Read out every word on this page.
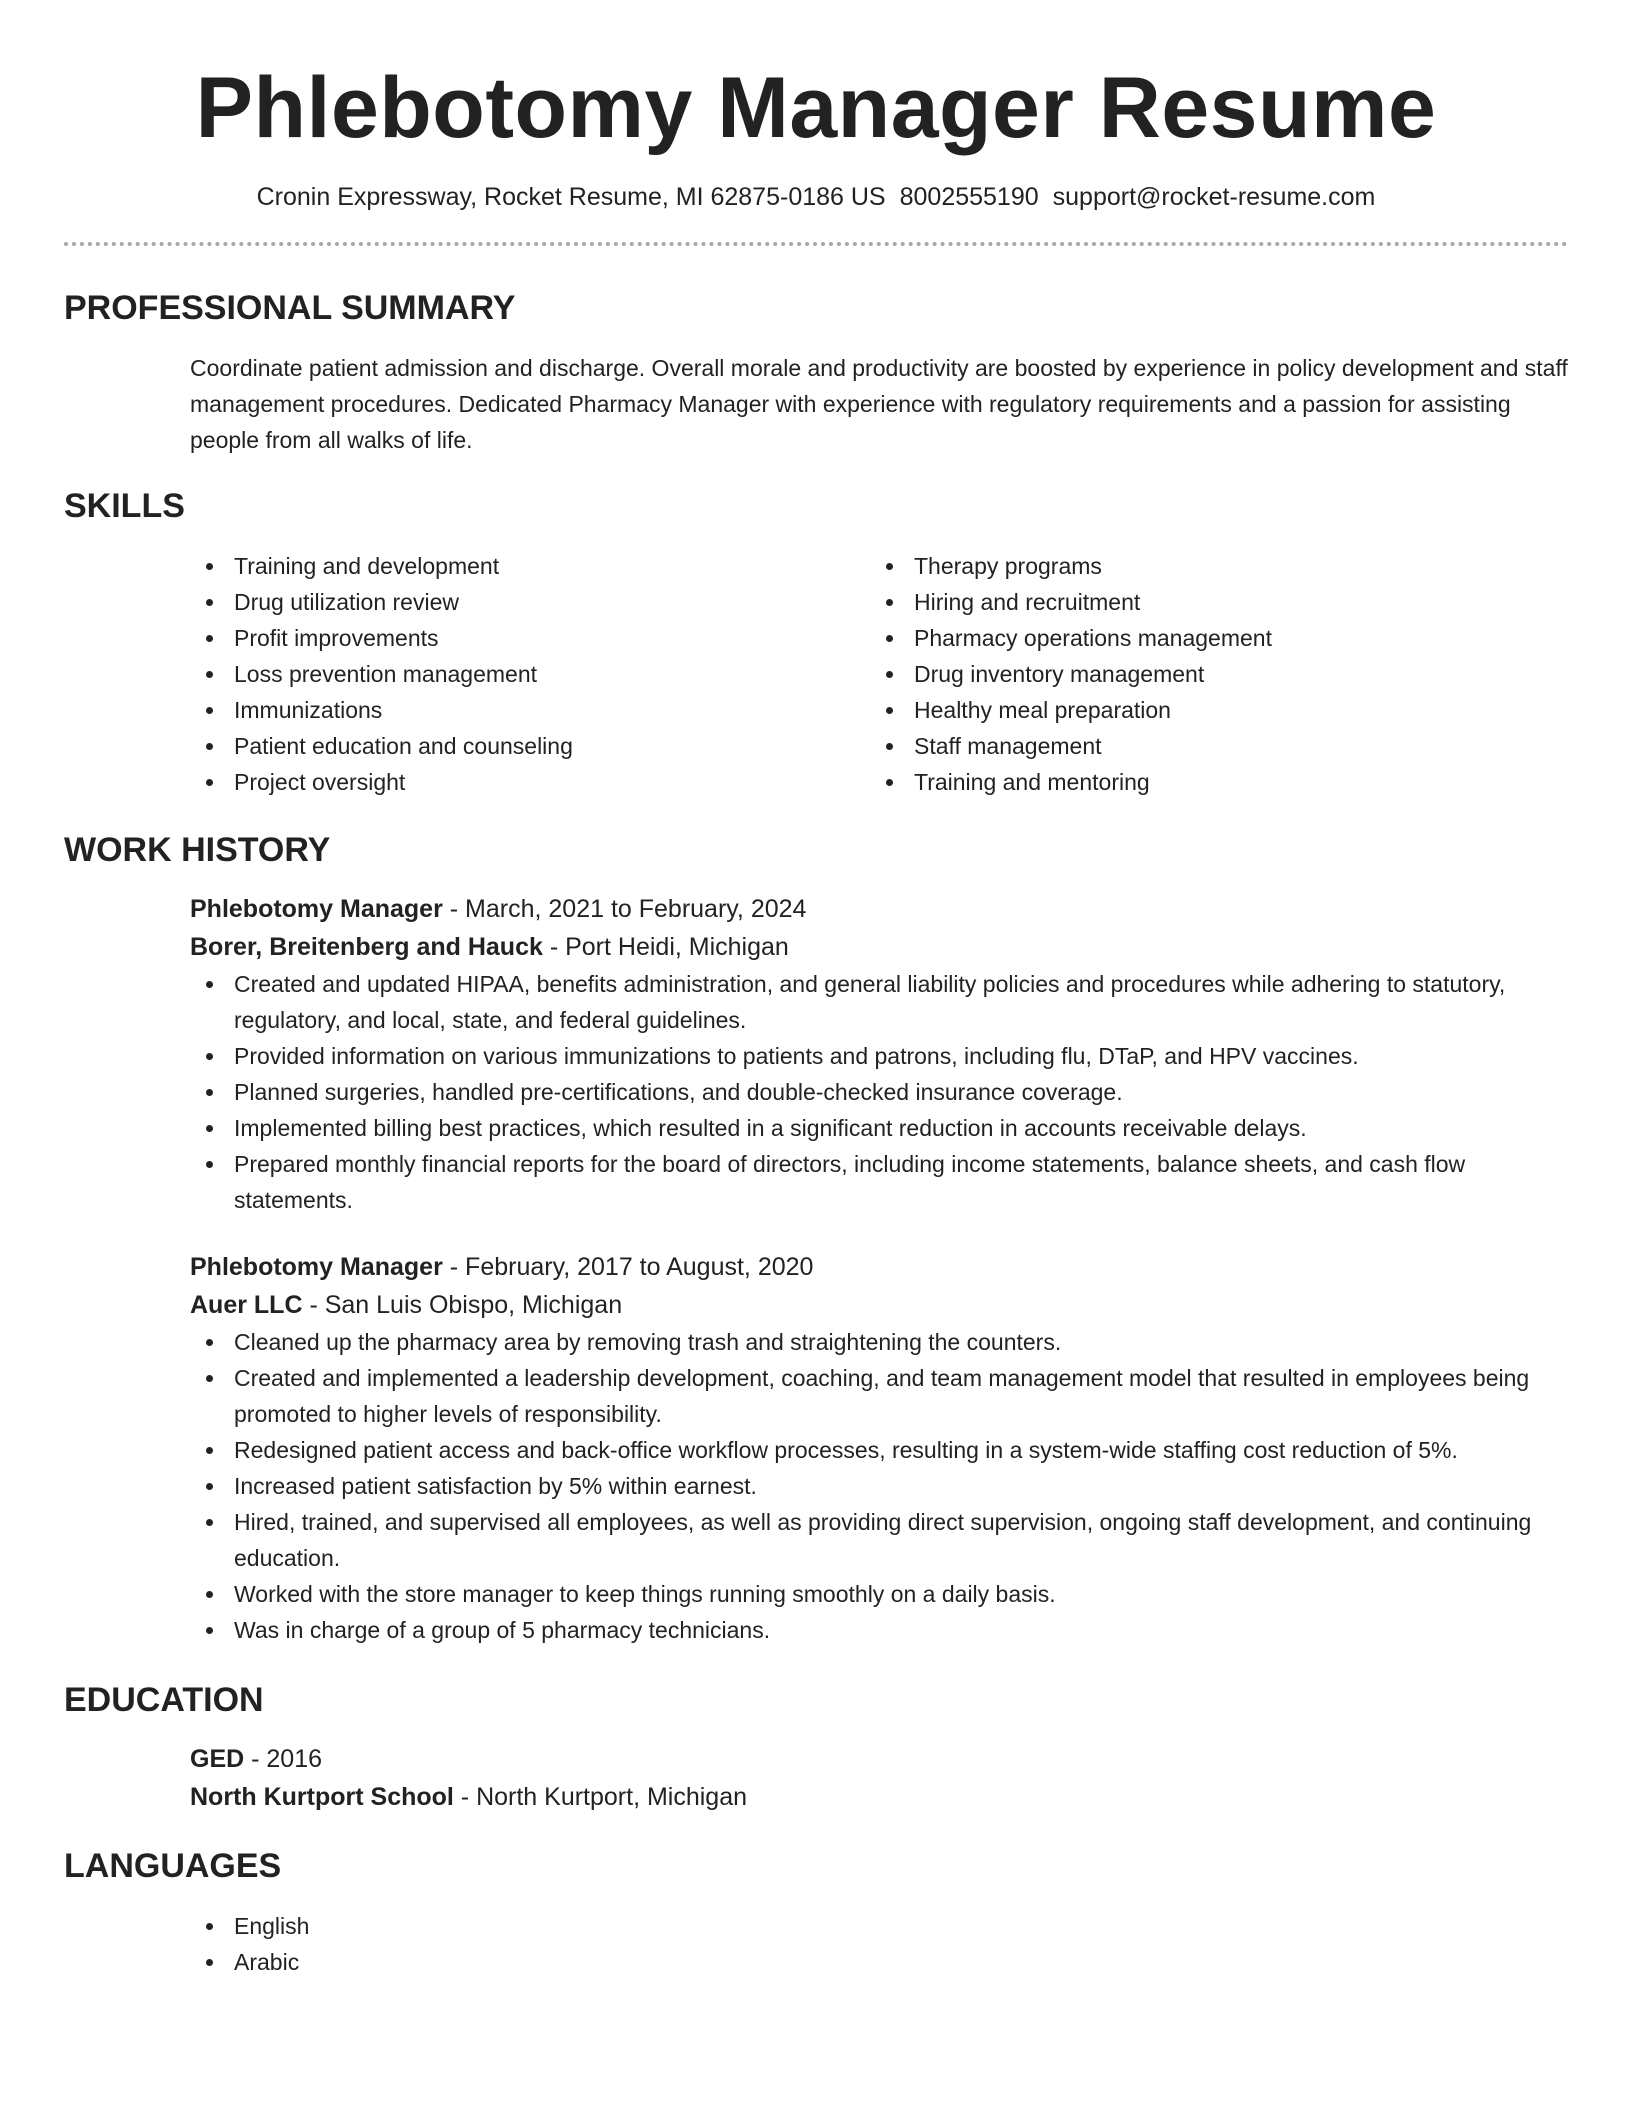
Phlebotomy Manager Resume
Cronin Expressway, Rocket Resume, MI 62875-0186 US 8002555190 support@rocket-resume.com
PROFESSIONAL SUMMARY

Coordinate patient admission and discharge. Overall morale and productivity are boosted by experience in policy development and staff management procedures. Dedicated Pharmacy Manager with experience with regulatory requirements and a passion for assisting people from all walks of life.

SKILLS
Training and development
Drug utilization review
Profit improvements
Loss prevention management
Immunizations
Patient education and counseling
Project oversight
Therapy programs
Hiring and recruitment
Pharmacy operations management
Drug inventory management
Healthy meal preparation
Staff management
Training and mentoring
WORK HISTORY
Phlebotomy Manager - March, 2021 to February, 2024
Borer, Breitenberg and Hauck - Port Heidi, Michigan
Created and updated HIPAA, benefits administration, and general liability policies and procedures while adhering to statutory, regulatory, and local, state, and federal guidelines.
Provided information on various immunizations to patients and patrons, including flu, DTaP, and HPV vaccines.
Planned surgeries, handled pre-certifications, and double-checked insurance coverage.
Implemented billing best practices, which resulted in a significant reduction in accounts receivable delays.
Prepared monthly financial reports for the board of directors, including income statements, balance sheets, and cash flow statements.
Phlebotomy Manager - February, 2017 to August, 2020
Auer LLC - San Luis Obispo, Michigan
Cleaned up the pharmacy area by removing trash and straightening the counters.
Created and implemented a leadership development, coaching, and team management model that resulted in employees being promoted to higher levels of responsibility.
Redesigned patient access and back-office workflow processes, resulting in a system-wide staffing cost reduction of 5%.
Increased patient satisfaction by 5% within earnest.
Hired, trained, and supervised all employees, as well as providing direct supervision, ongoing staff development, and continuing education.
Worked with the store manager to keep things running smoothly on a daily basis.
Was in charge of a group of 5 pharmacy technicians.
EDUCATION
GED - 2016
North Kurtport School - North Kurtport, Michigan
LANGUAGES
English
Arabic
